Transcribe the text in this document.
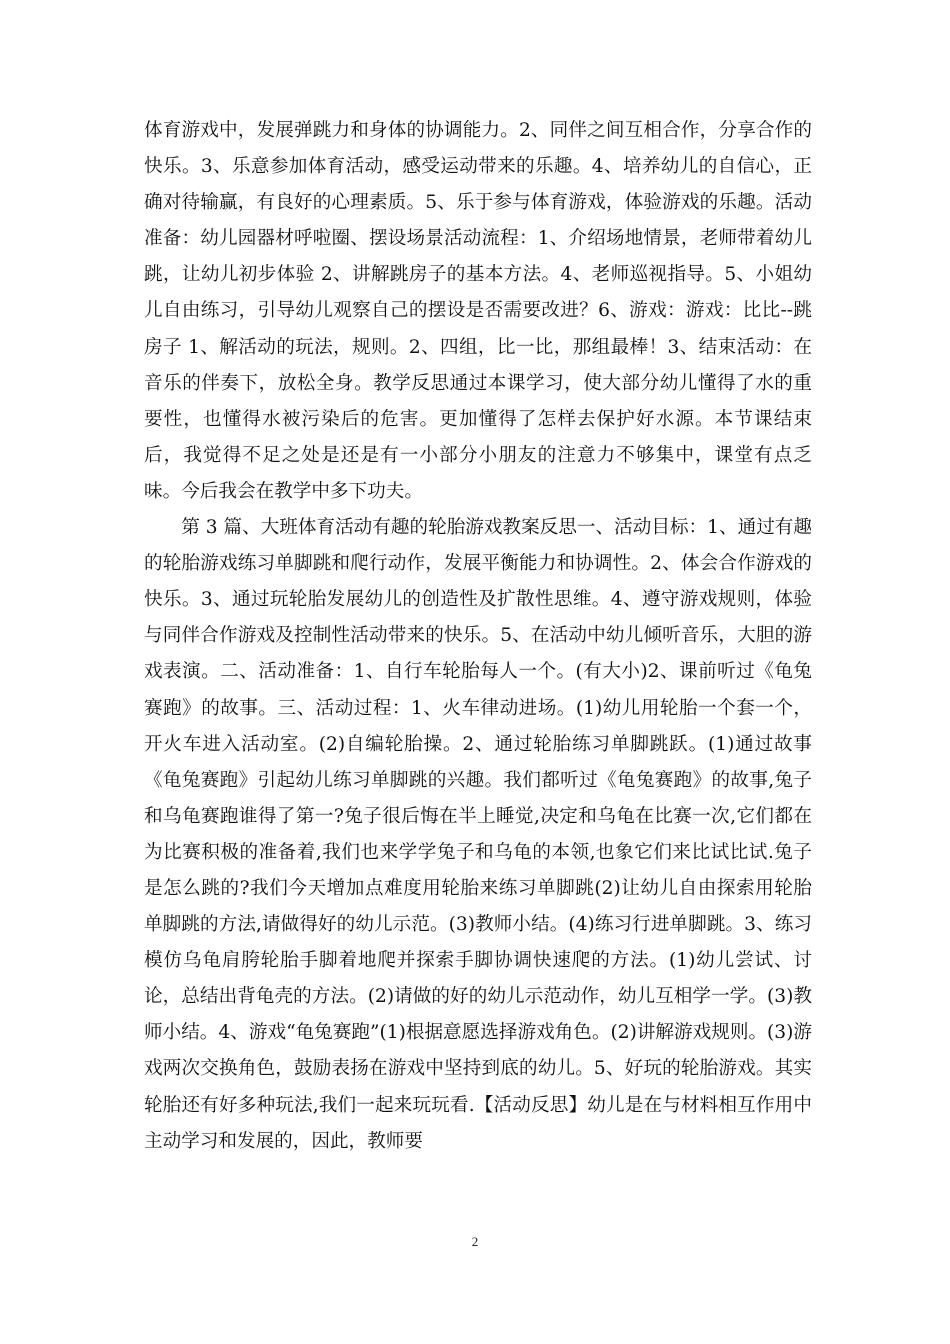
体育游戏中，发展弹跳力和身体的协调能力。2、同伴之间互相合作，分享合作的快乐。3、乐意参加体育活动，感受运动带来的乐趣。4、培养幼儿的自信心，正确对待输赢，有良好的心理素质。5、乐于参与体育游戏，体验游戏的乐趣。活动准备：幼儿园器材呼啦圈、摆设场景活动流程：1、介绍场地情景，老师带着幼儿跳，让幼儿初步体验 2、讲解跳房子的基本方法。4、老师巡视指导。5、小姐幼儿自由练习，引导幼儿观察自己的摆设是否需要改进？6、游戏：游戏：比比--跳房子 1、解活动的玩法，规则。2、四组，比一比，那组最棒！3、结束活动：在音乐的伴奏下，放松全身。教学反思通过本课学习，使大部分幼儿懂得了水的重要性，也懂得水被污染后的危害。更加懂得了怎样去保护好水源。本节课结束后，我觉得不足之处是还是有一小部分小朋友的注意力不够集中，课堂有点乏味。今后我会在教学中多下功夫。

第 3 篇、大班体育活动有趣的轮胎游戏教案反思一、活动目标：1、通过有趣的轮胎游戏练习单脚跳和爬行动作，发展平衡能力和协调性。2、体会合作游戏的快乐。3、通过玩轮胎发展幼儿的创造性及扩散性思维。4、遵守游戏规则，体验与同伴合作游戏及控制性活动带来的快乐。5、在活动中幼儿倾听音乐，大胆的游戏表演。二、活动准备：1、自行车轮胎每人一个。(有大小)2、课前听过《龟兔赛跑》的故事。三、活动过程：1、火车律动进场。(1)幼儿用轮胎一个套一个，开火车进入活动室。(2)自编轮胎操。2、通过轮胎练习单脚跳跃。(1)通过故事《龟兔赛跑》引起幼儿练习单脚跳的兴趣。我们都听过《龟兔赛跑》的故事,兔子和乌龟赛跑谁得了第一?兔子很后悔在半上睡觉,决定和乌龟在比赛一次,它们都在为比赛积极的准备着,我们也来学学兔子和乌龟的本领,也象它们来比试比试.兔子是怎么跳的?我们今天增加点难度用轮胎来练习单脚跳(2)让幼儿自由探索用轮胎单脚跳的方法,请做得好的幼儿示范。(3)教师小结。(4)练习行进单脚跳。3、练习模仿乌龟肩胯轮胎手脚着地爬并探索手脚协调快速爬的方法。(1)幼儿尝试、讨论，总结出背龟壳的方法。(2)请做的好的幼儿示范动作，幼儿互相学一学。(3)教师小结。4、游戏“龟兔赛跑”(1)根据意愿选择游戏角色。(2)讲解游戏规则。(3)游戏两次交换角色，鼓励表扬在游戏中坚持到底的幼儿。5、好玩的轮胎游戏。其实轮胎还有好多种玩法,我们一起来玩玩看.【活动反思】幼儿是在与材料相互作用中主动学习和发展的，因此，教师要

2
